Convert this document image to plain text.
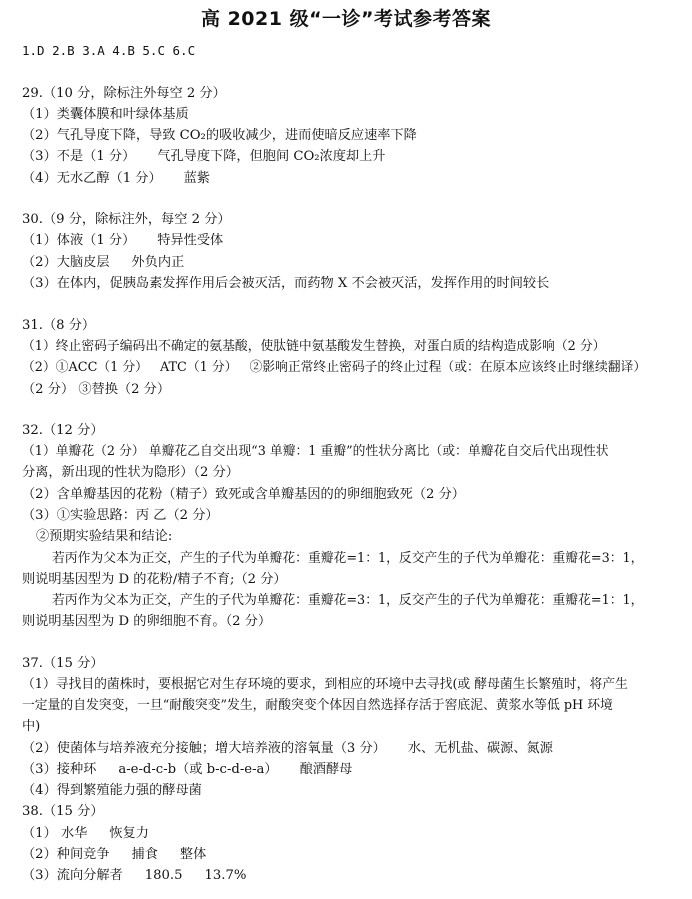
高 2021 级“一诊”考试参考答案
1.D 2.B 3.A 4.B 5.C 6.C
29.（10 分，除标注外每空 2 分）
（1）类囊体膜和叶绿体基质
（2）气孔导度下降，导致 CO₂的吸收减少，进而使暗反应速率下降
（3）不是（1 分） 气孔导度下降，但胞间 CO₂浓度却上升
（4）无水乙醇（1 分） 蓝紫
30.（9 分，除标注外，每空 2 分）
（1）体液（1 分） 特异性受体
（2）大脑皮层 外负内正
（3）在体内，促胰岛素发挥作用后会被灭活，而药物 X 不会被灭活，发挥作用的时间较长
31.（8 分）
（1）终止密码子编码出不确定的氨基酸，使肽链中氨基酸发生替换，对蛋白质的结构造成影响（2 分）
（2）①ACC（1 分） ATC（1 分） ②影响正常终止密码子的终止过程（或：在原本应该终止时继续翻译）
（2 分） ③替换（2 分）
32.（12 分）
（1）单瓣花（2 分） 单瓣花乙自交出现“3 单瓣：1 重瓣”的性状分离比（或：单瓣花自交后代出现性状
分离，新出现的性状为隐形）（2 分）
（2）含单瓣基因的花粉（精子）致死或含单瓣基因的的卵细胞致死（2 分）
（3）①实验思路：丙 乙（2 分）
②预期实验结果和结论:
若丙作为父本为正交，产生的子代为单瓣花：重瓣花=1：1，反交产生的子代为单瓣花：重瓣花=3：1，
则说明基因型为 D 的花粉/精子不育;（2 分）
若丙作为父本为正交，产生的子代为单瓣花：重瓣花=3：1，反交产生的子代为单瓣花：重瓣花=1：1，
则说明基因型为 D 的卵细胞不育。（2 分）
37.（15 分）
（1）寻找目的菌株时，要根据它对生存环境的要求，到相应的环境中去寻找(或 酵母菌生长繁殖时，将产生
一定量的自发突变，一旦“耐酸突变”发生，耐酸突变个体因自然选择存活于窖底泥、黄浆水等低 pH 环境
中)
（2）使菌体与培养液充分接触；增大培养液的溶氧量（3 分） 水、无机盐、碳源、氮源
（3）接种环 a-e-d-c-b（或 b-c-d-e-a） 酿酒酵母
（4）得到繁殖能力强的酵母菌
38.（15 分）
（1） 水华 恢复力
（2）种间竞争 捕食 整体
（3）流向分解者 180.5 13.7%
